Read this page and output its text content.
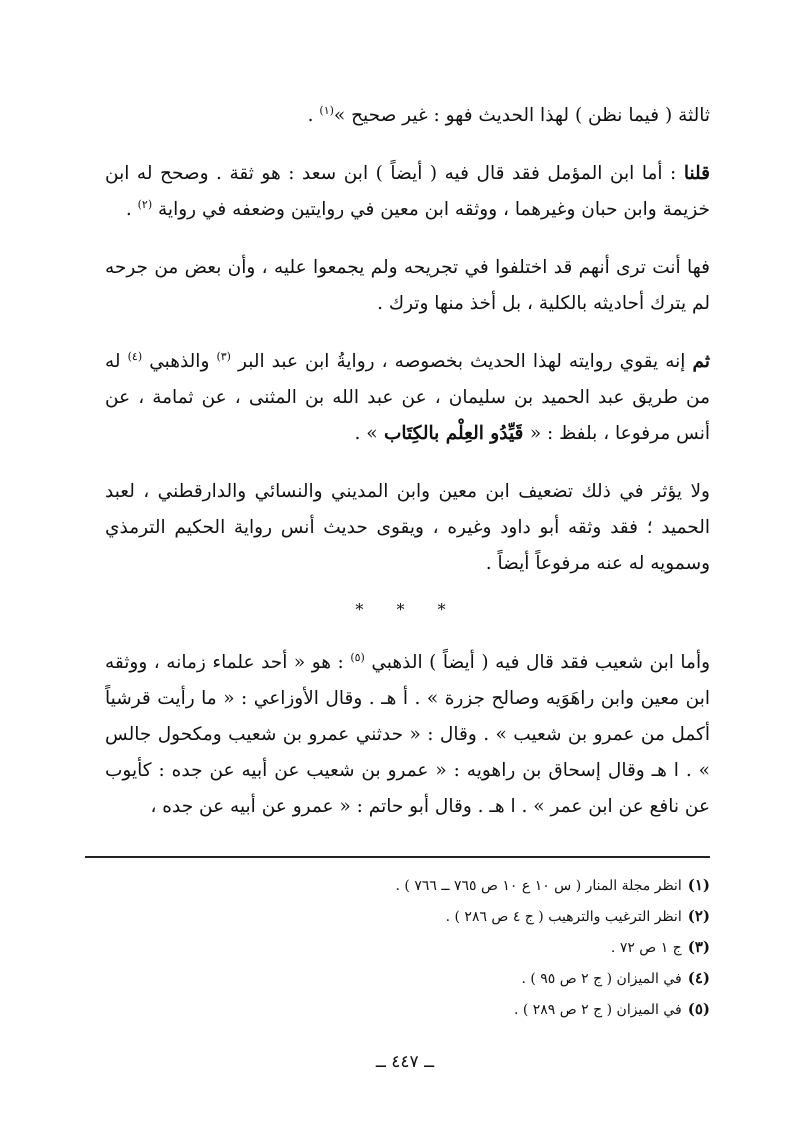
ثالثة ( فيما نظن ) لهذا الحديث فهو : غير صحيح »$^{(١)}$ .

قلنا : أما ابن المؤمل فقد قال فيه ( أيضاً ) ابن سعد : هو ثقة . وصحح له ابن خزيمة وابن حبان وغيرهما ، ووثقه ابن معين في روايتين وضعفه في رواية $^{(٢)}$ .

فها أنت ترى أنهم قد اختلفوا في تجريحه ولم يجمعوا عليه ، وأن بعض من جرحه لم يترك أحاديثه بالكلية ، بل أخذ منها وترك .

ثم إنه يقوي روايته لهذا الحديث بخصوصه ، روايةُ ابن عبد البر $^{(٣)}$ والذهبي $^{(٤)}$ له من طريق عبد الحميد بن سليمان ، عن عبد الله بن المثنى ، عن ثمامة ، عن أنس مرفوعا ، بلفظ : « قَيِّدُو العِلْم بالكِتَاب » .

ولا يؤثر في ذلك تضعيف ابن معين وابن المديني والنسائي والدارقطني ، لعبد الحميد ؛ فقد وثقه أبو داود وغيره ، ويقوى حديث أنس رواية الحكيم الترمذي وسمويه له عنه مرفوعاً أيضاً .

* * *

وأما ابن شعيب فقد قال فيه ( أيضاً ) الذهبي $^{(٥)}$ : هو « أحد علماء زمانه ، ووثقه ابن معين وابن راهَوَيه وصالح جزرة » . أ هـ . وقال الأوزاعي : « ما رأيت قرشياً أكمل من عمرو بن شعيب » . وقال : « حدثني عمرو بن شعيب ومكحول جالس » . ا هـ وقال إسحاق بن راهويه : « عمرو بن شعيب عن أبيه عن جده : كأيوب عن نافع عن ابن عمر » . ا هـ . وقال أبو حاتم : « عمرو عن أبيه عن جده ،

(١)انظر مجلة المنار ( س ١٠ ع ١٠ ص ٧٦٥ ــ ٧٦٦ ) .
(٢)انظر الترغيب والترهيب ( ج ٤ ص ٢٨٦ ) .
(٣)ج ١ ص ٧٢ .
(٤)في الميزان ( ج ٢ ص ٩٥ ) .
(٥)في الميزان ( ج ٢ ص ٢٨٩ ) .
ــ ٤٤٧ ــ
